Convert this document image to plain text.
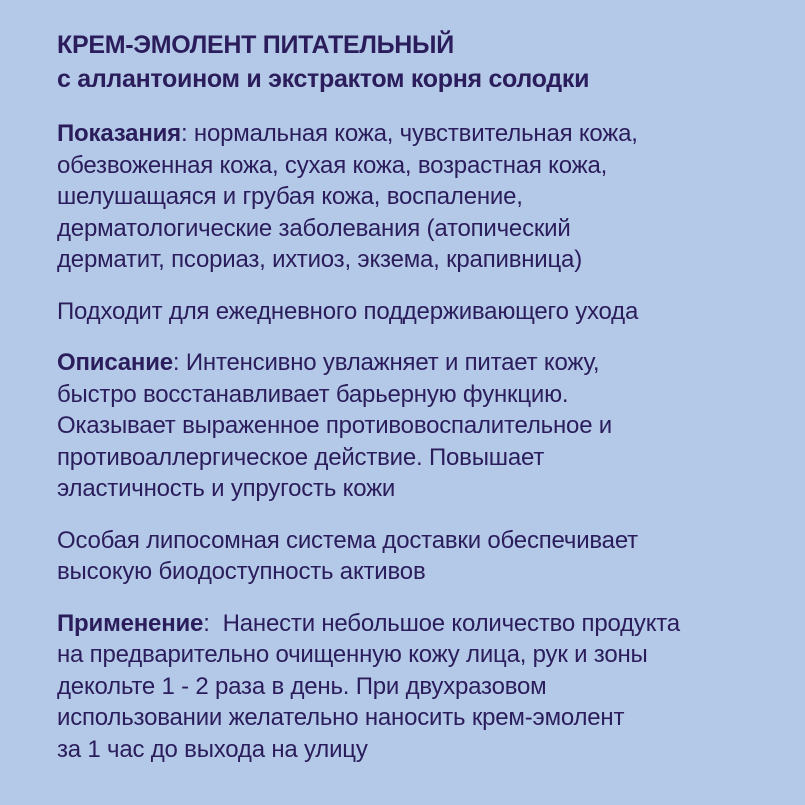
КРЕМ-ЭМОЛЕНТ ПИТАТЕЛЬНЫЙ
с аллантоином и экстрактом корня солодки
Показания: нормальная кожа, чувствительная кожа,
обезвоженная кожа, сухая кожа, возрастная кожа,
шелушащаяся и грубая кожа, воспаление,
дерматологические заболевания (атопический
дерматит, псориаз, ихтиоз, экзема, крапивница)
Подходит для ежедневного поддерживающего ухода
Описание: Интенсивно увлажняет и питает кожу,
быстро восстанавливает барьерную функцию.
Оказывает выраженное противовоспалительное и
противоаллергическое действие. Повышает
эластичность и упругость кожи
Особая липосомная система доставки обеспечивает
высокую биодоступность активов
Применение:  Нанести небольшое количество продукта
на предварительно очищенную кожу лица, рук и зоны
декольте 1 - 2 раза в день. При двухразовом
использовании желательно наносить крем-эмолент
за 1 час до выхода на улицу
